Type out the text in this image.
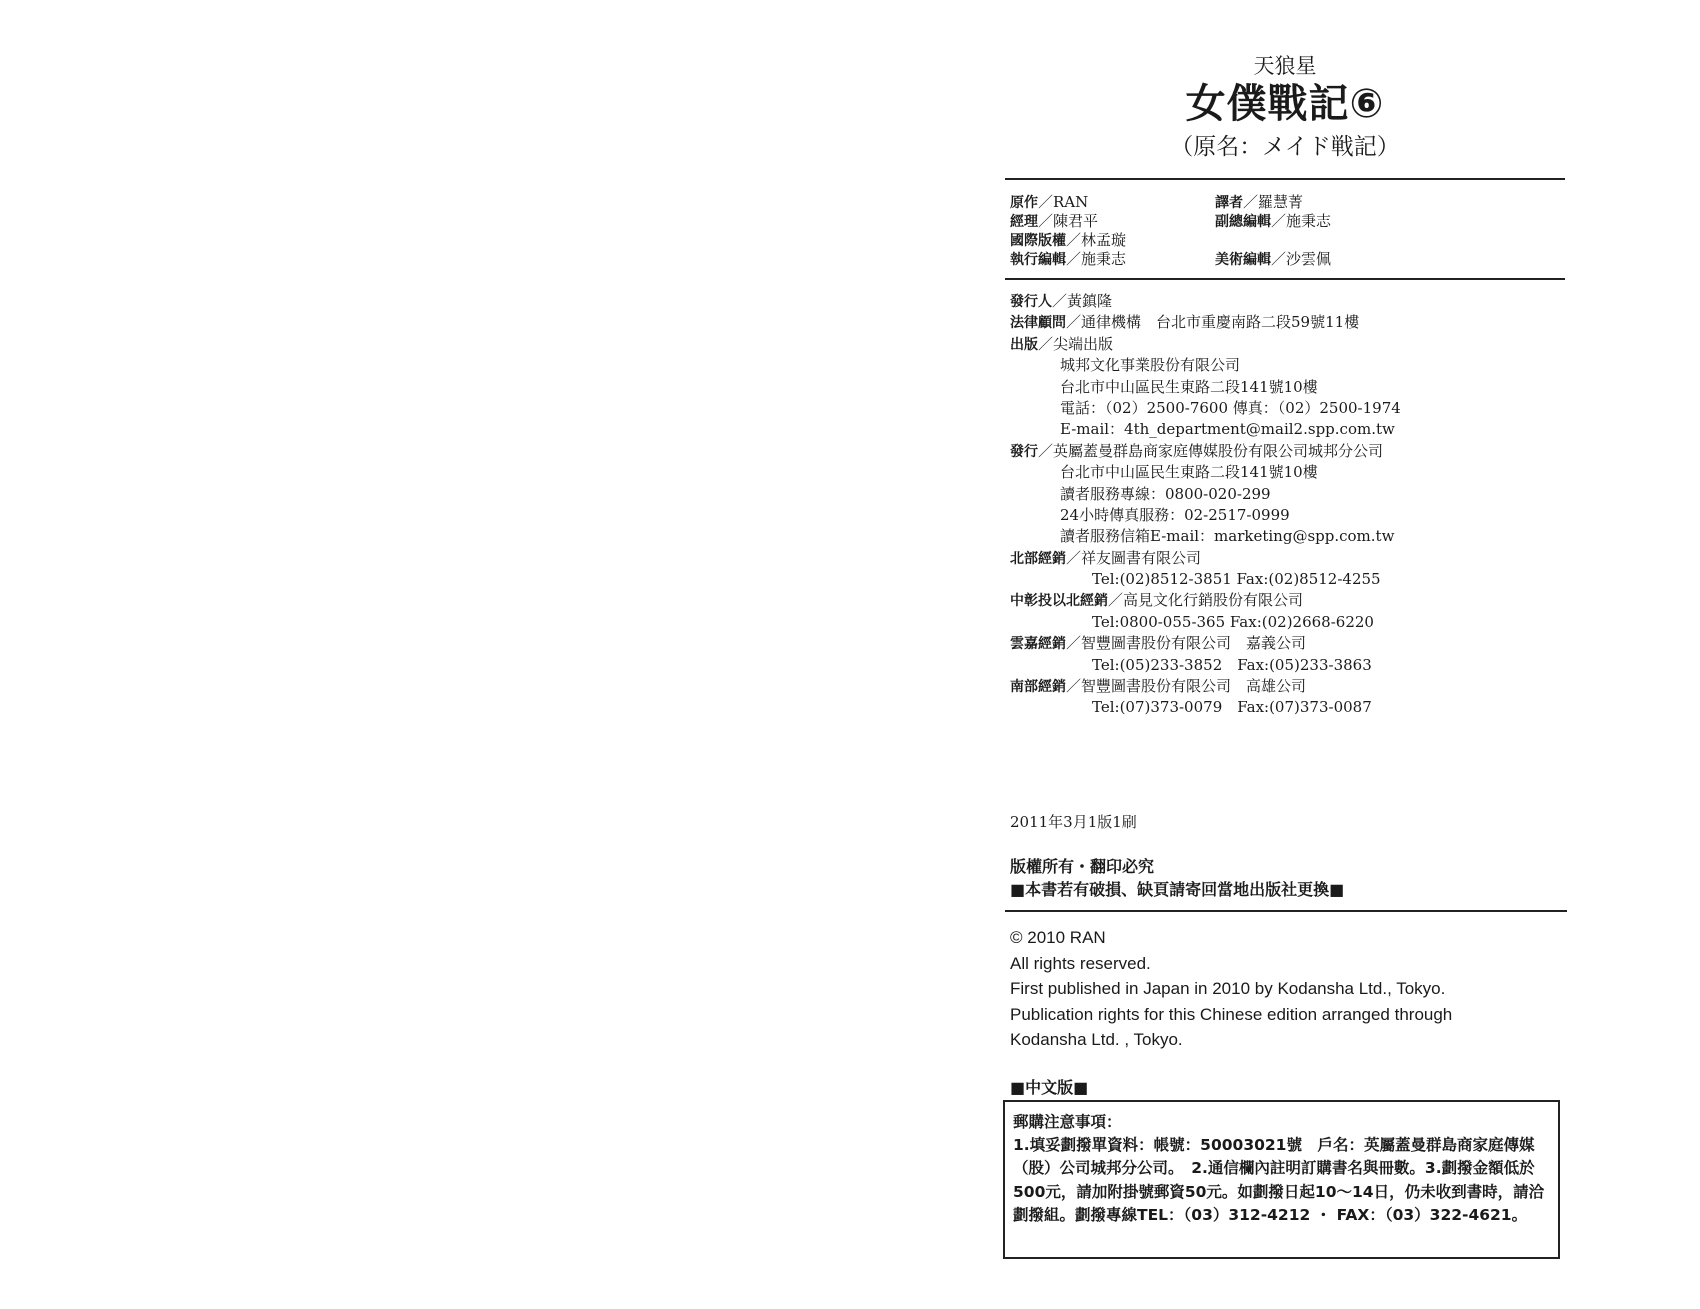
天狼星
女僕戰記⑥
（原名：メイド戦記）
原作／RAN	譯者／羅慧菁
經理／陳君平	副總編輯／施秉志
國際版權／林孟璇
執行編輯／施秉志	美術編輯／沙雲佩
發行人／黃鎮隆
法律顧問／通律機構　台北市重慶南路二段59號11樓
出版／尖端出版
城邦文化事業股份有限公司
台北市中山區民生東路二段141號10樓
電話：（02）2500-7600 傳真：（02）2500-1974
E-mail：4th_department@mail2.spp.com.tw
發行／英屬蓋曼群島商家庭傳媒股份有限公司城邦分公司
台北市中山區民生東路二段141號10樓
讀者服務專線：0800-020-299
24小時傳真服務：02-2517-0999
讀者服務信箱E-mail：marketing@spp.com.tw
北部經銷／祥友圖書有限公司
Tel:(02)8512-3851 Fax:(02)8512-4255
中彰投以北經銷／高見文化行銷股份有限公司
Tel:0800-055-365 Fax:(02)2668-6220
雲嘉經銷／智豐圖書股份有限公司　嘉義公司
Tel:(05)233-3852　Fax:(05)233-3863
南部經銷／智豐圖書股份有限公司　高雄公司
Tel:(07)373-0079　Fax:(07)373-0087
2011年3月1版1刷
版權所有・翻印必究
■本書若有破損、缺頁請寄回當地出版社更換■
© 2010 RAN
All rights reserved.
First published in Japan in 2010 by Kodansha Ltd., Tokyo.
Publication rights for this Chinese edition arranged through
Kodansha Ltd. , Tokyo.
■中文版■
郵購注意事項：
1.填妥劃撥單資料：帳號：50003021號　戶名：英屬蓋曼群島商家庭傳媒（股）公司城邦分公司。　2.通信欄內註明訂購書名與冊數。3.劃撥金額低於500元，請加附掛號郵資50元。如劃撥日起10～14日，仍未收到書時，請洽劃撥組。劃撥專線TEL：（03）312-4212 ・ FAX：（03）322-4621。
